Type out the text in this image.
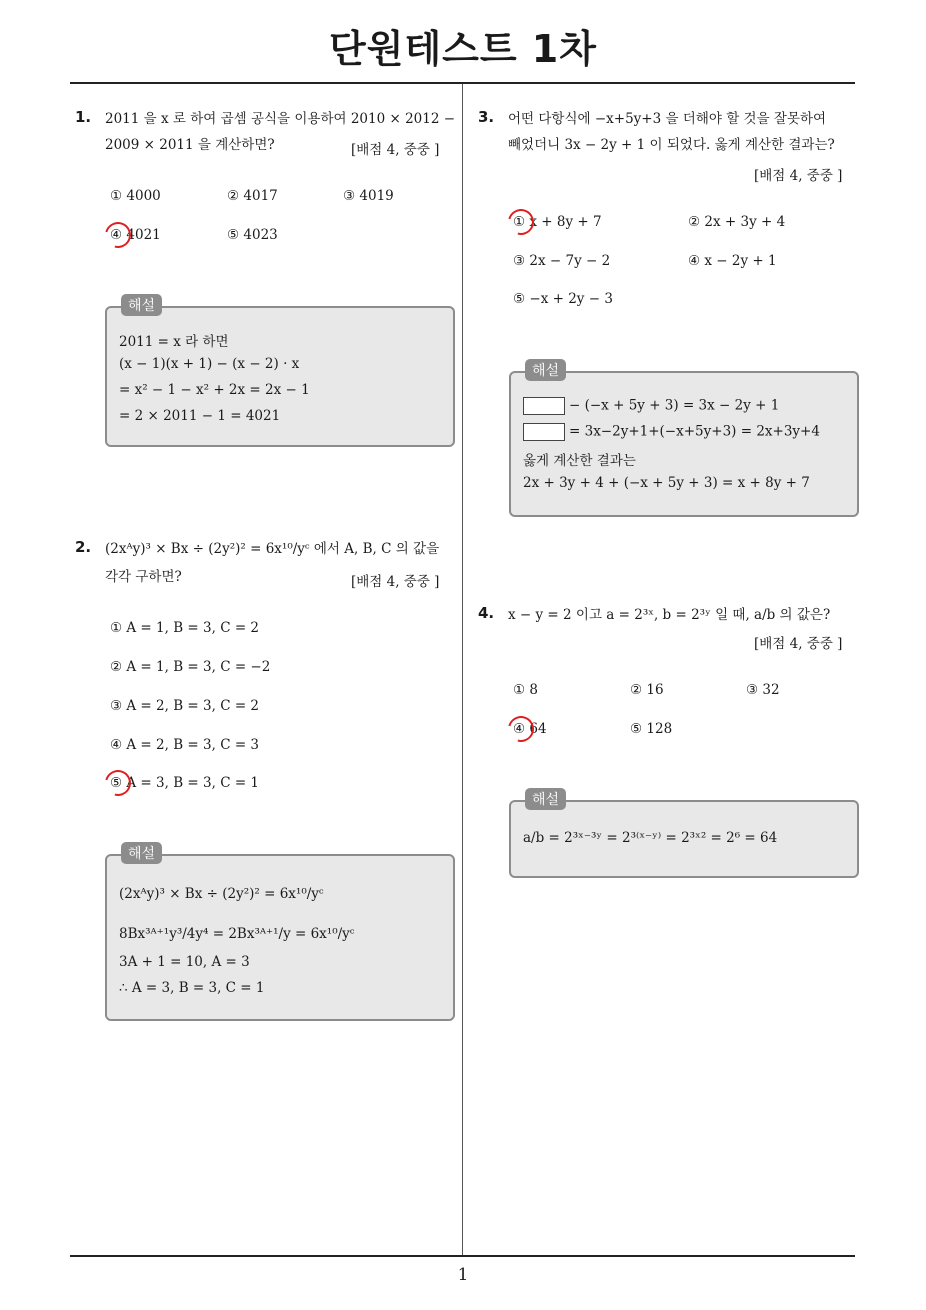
단원테스트 1차
1. 2011 을 x 로 하여 곱셈 공식을 이용하여 2010 × 2012 −
2009 × 2011 을 계산하면?	[배점 4, 중중 ]
① 4000	② 4017	③ 4019
④ 4021	⑤ 4023
해설
2011 = x 라 하면
(x − 1)(x + 1) − (x − 2) · x
= x² − 1 − x² + 2x = 2x − 1
= 2 × 2011 − 1 = 4021
2. (2xᴬy)³ × Bx ÷ (2y²)² = 6x¹⁰/yᶜ 에서 A, B, C 의 값을
각각 구하면?	[배점 4, 중중 ]
① A = 1, B = 3, C = 2
② A = 1, B = 3, C = −2
③ A = 2, B = 3, C = 2
④ A = 2, B = 3, C = 3
⑤ A = 3, B = 3, C = 1
해설
(2xᴬy)³ × Bx ÷ (2y²)² = 6x¹⁰/yᶜ
8Bx³ᴬ⁺¹y³/4y⁴ = 2Bx³ᴬ⁺¹/y = 6x¹⁰/yᶜ
3A + 1 = 10, A = 3
∴ A = 3, B = 3, C = 1
3. 어떤 다항식에 −x+5y+3 을 더해야 할 것을 잘못하여
빼었더니 3x − 2y + 1 이 되었다. 옳게 계산한 결과는?
[배점 4, 중중 ]
① x + 8y + 7	② 2x + 3y + 4
③ 2x − 7y − 2	④ x − 2y + 1
⑤ −x + 2y − 3
해설
− (−x + 5y + 3) = 3x − 2y + 1
= 3x−2y+1+(−x+5y+3) = 2x+3y+4
옳게 계산한 결과는
2x + 3y + 4 + (−x + 5y + 3) = x + 8y + 7
4. x − y = 2 이고 a = 2³ˣ, b = 2³ʸ 일 때, a/b 의 값은?
[배점 4, 중중 ]
① 8	② 16	③ 32
④ 64	⑤ 128
해설
a/b = 2³ˣ⁻³ʸ = 2³⁽ˣ⁻ʸ⁾ = 2³ˣ² = 2⁶ = 64
1
